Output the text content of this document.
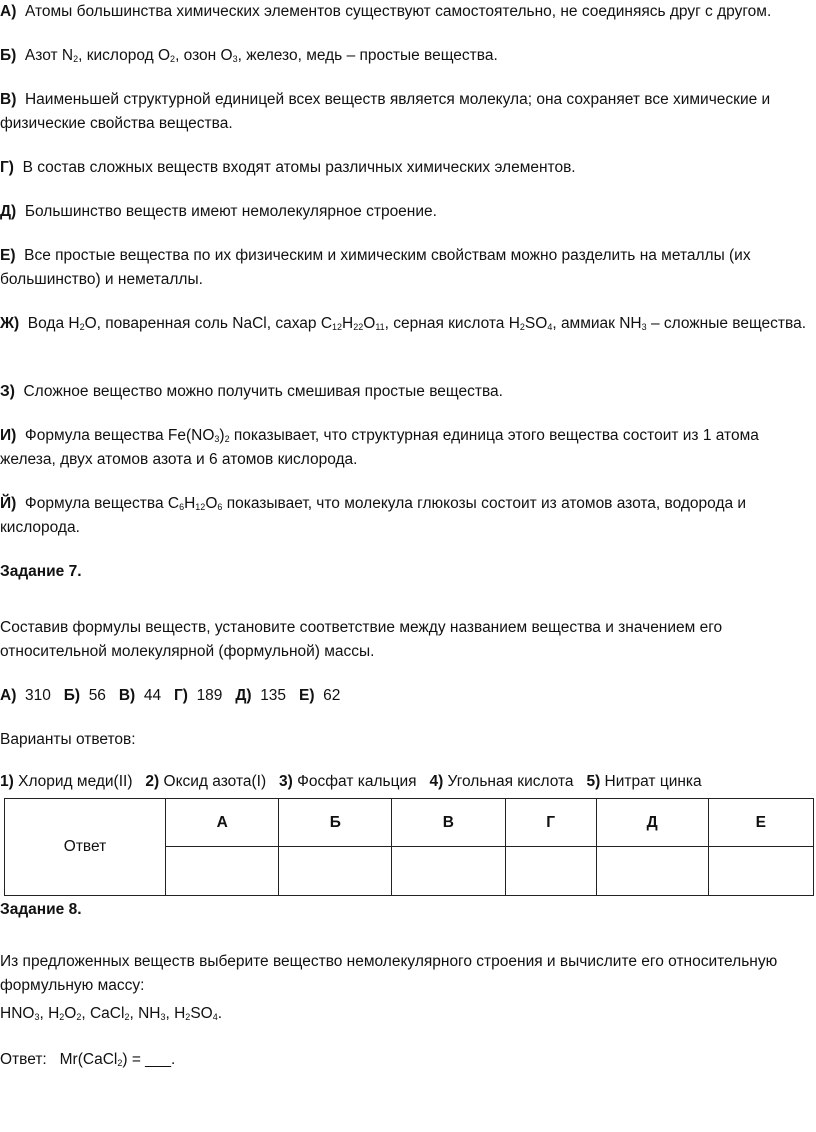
А)  Атомы большинства химических элементов существуют самостоятельно, не соединяясь друг с другом.
Б)  Азот $N_2$, кислород $O_2$, озон $O_3$, железо, медь – простые вещества.
В)  Наименьшей структурной единицей всех веществ является молекула; она сохраняет все химические и физические свойства вещества.
Г)  В состав сложных веществ входят атомы различных химических элементов.
Д)  Большинство веществ имеют немолекулярное строение.
Е)  Все простые вещества по их физическим и химическим свойствам можно разделить на металлы (их большинство) и неметаллы.
Ж)  Вода $H_2O$, поваренная соль NaCl, сахар $C_{12}H_{22}O_{11}$, серная кислота $H_2SO_4$, аммиак $NH_3$ – сложные вещества.
З)  Сложное вещество можно получить смешивая простые вещества.
И)  Формула вещества $Fe(NO_3)_2$ показывает, что структурная единица этого вещества состоит из 1 атома железа, двух атомов азота и 6 атомов кислорода.
Й)  Формула вещества $C_6H_{12}O_6$ показывает, что молекула глюкозы состоит из атомов азота, водорода и кислорода.
Задание 7.
Составив формулы веществ, установите соответствие между названием вещества и значением его относительной молекулярной (формульной) массы.
А)  310   Б)  56   В)  44   Г)  189   Д)  135   Е)  62
Варианты ответов:
1) Хлорид меди(II)   2) Оксид азота(I)   3) Фосфат кальция   4) Угольная кислота   5) Нитрат цинка
Ответ	А	Б	В	Г	Д	Е

Задание 8.
Из предложенных веществ выберите вещество немолекулярного строения и вычислите его относительную формульную массу:
$HNO_3$, $H_2O_2$, CaCl$_2$, $NH_3$, $H_2SO_4$.
Ответ:   Mr(CaCl$_2$) = ___.
